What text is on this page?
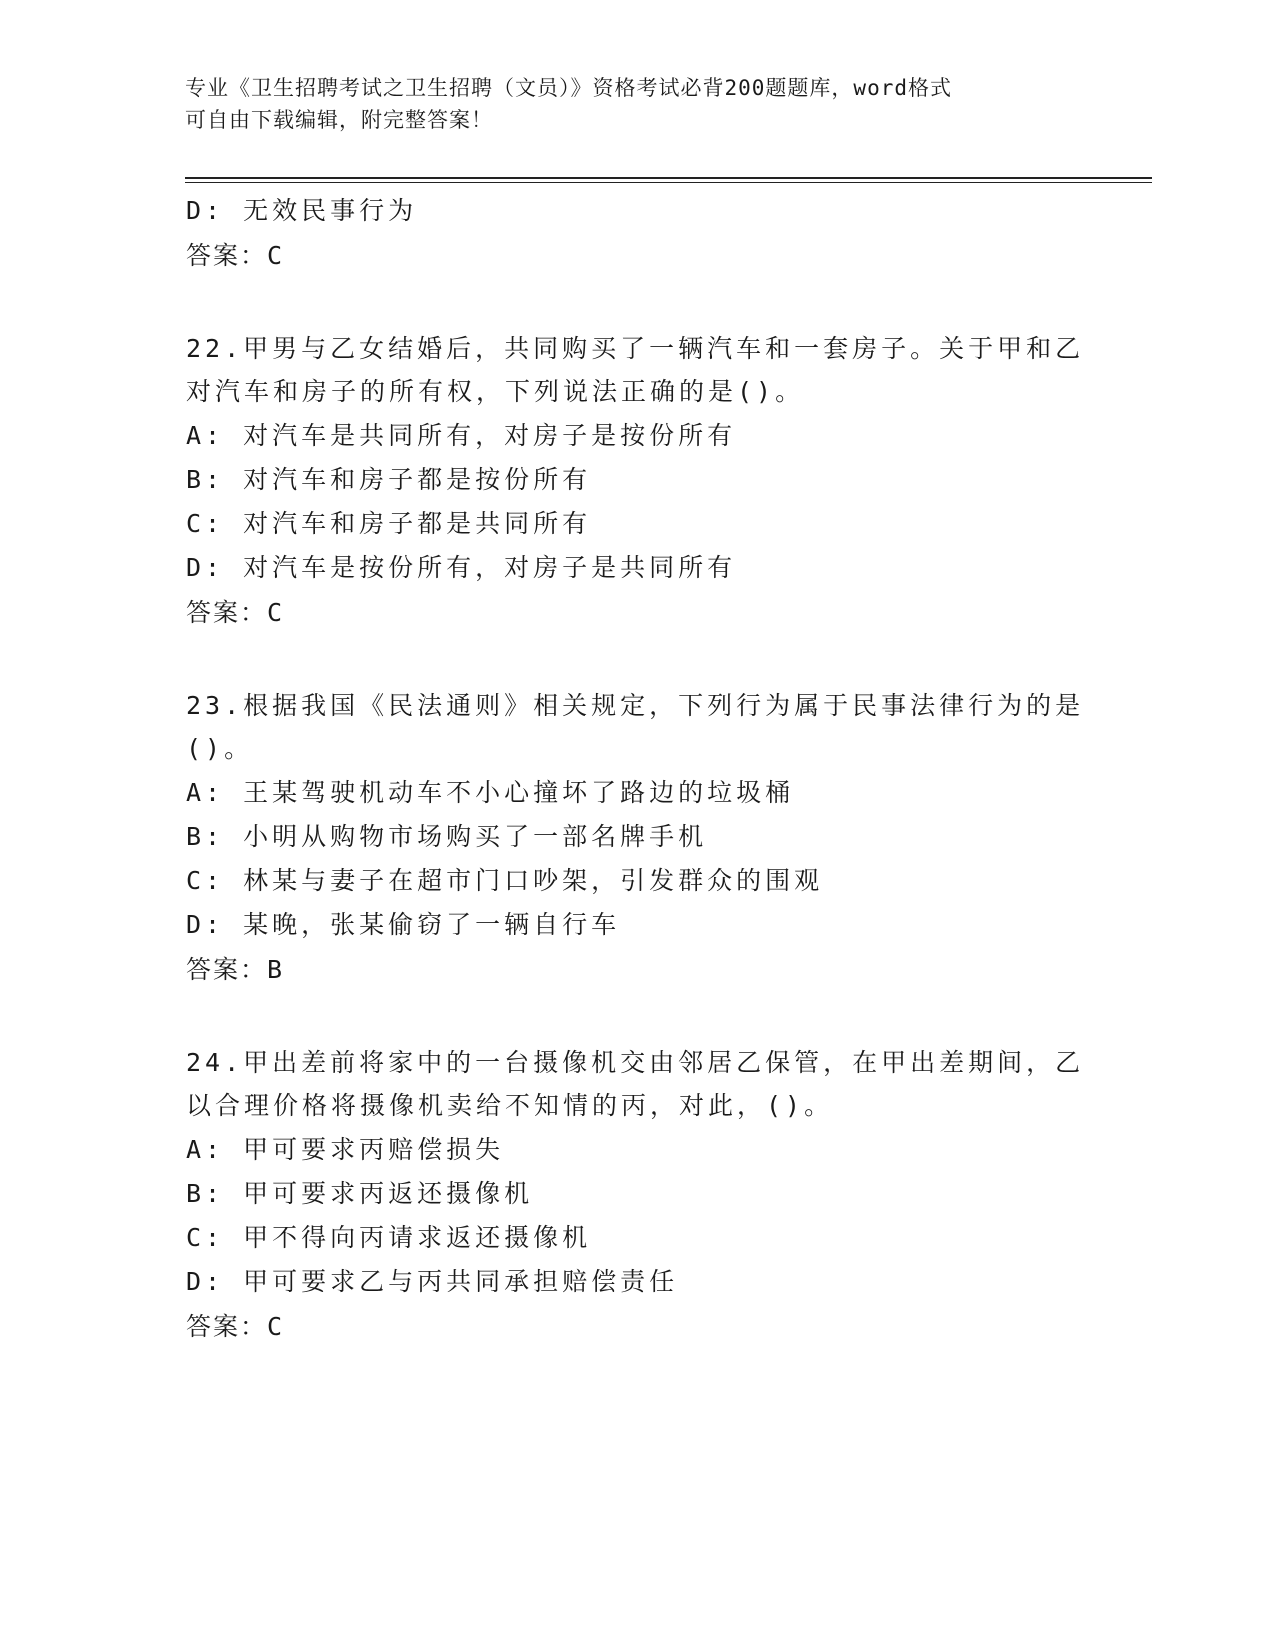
专业《卫生招聘考试之卫生招聘（文员）》资格考试必背200题题库，word格式
可自由下载编辑，附完整答案！
D: 无效民事行为
答案：C
22.甲男与乙女结婚后，共同购买了一辆汽车和一套房子。关于甲和乙
对汽车和房子的所有权，下列说法正确的是()。
A: 对汽车是共同所有，对房子是按份所有
B: 对汽车和房子都是按份所有
C: 对汽车和房子都是共同所有
D: 对汽车是按份所有，对房子是共同所有
答案：C
23.根据我国《民法通则》相关规定，下列行为属于民事法律行为的是
()。
A: 王某驾驶机动车不小心撞坏了路边的垃圾桶
B: 小明从购物市场购买了一部名牌手机
C: 林某与妻子在超市门口吵架，引发群众的围观
D: 某晚，张某偷窃了一辆自行车
答案：B
24.甲出差前将家中的一台摄像机交由邻居乙保管，在甲出差期间，乙
以合理价格将摄像机卖给不知情的丙，对此，()。
A: 甲可要求丙赔偿损失
B: 甲可要求丙返还摄像机
C: 甲不得向丙请求返还摄像机
D: 甲可要求乙与丙共同承担赔偿责任
答案：C
